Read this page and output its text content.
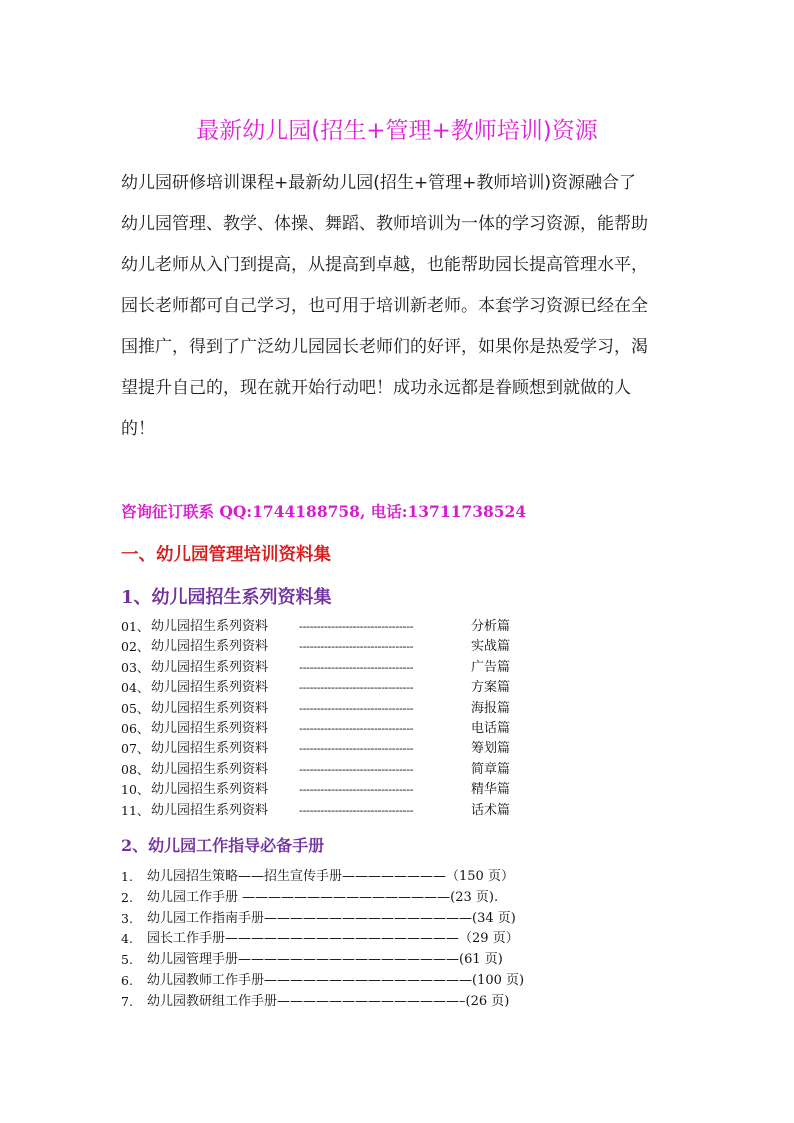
最新幼儿园(招生+管理+教师培训)资源
幼儿园研修培训课程+最新幼儿园(招生+管理+教师培训)资源融合了
幼儿园管理、教学、体操、舞蹈、教师培训为一体的学习资源，能帮助
幼儿老师从入门到提高，从提高到卓越，也能帮助园长提高管理水平，
园长老师都可自己学习，也可用于培训新老师。本套学习资源已经在全
国推广，得到了广泛幼儿园园长老师们的好评，如果你是热爱学习，渴
望提升自己的，现在就开始行动吧！成功永远都是眷顾想到就做的人
的！
咨询征订联系 QQ:1744188758, 电话:13711738524
一、幼儿园管理培训资料集
1、幼儿园招生系列资料集
01、 幼儿园招生系列资料	--------------------------------	分析篇
02、 幼儿园招生系列资料	--------------------------------	实战篇
03、 幼儿园招生系列资料	--------------------------------	广告篇
04、 幼儿园招生系列资料	--------------------------------	方案篇
05、 幼儿园招生系列资料	--------------------------------	海报篇
06、 幼儿园招生系列资料	--------------------------------	电话篇
07、 幼儿园招生系列资料	--------------------------------	筹划篇
08、 幼儿园招生系列资料	--------------------------------	简章篇
10、 幼儿园招生系列资料	--------------------------------	精华篇
11、 幼儿园招生系列资料	--------------------------------	话术篇
2、幼儿园工作指导必备手册
1.	幼儿园招生策略——招生宣传手册———————— （150 页）
2.	幼儿园工作手册 ———————————————— (23 页).
3.	幼儿园工作指南手册———————————————— (34 页)
4.	园长工作手册—————————————————— （29 页）
5.	幼儿园管理手册————————————————— (61 页)
6.	幼儿园教师工作手册———————————————— (100 页)
7.	幼儿园教研组工作手册—————————————— –(26 页)
